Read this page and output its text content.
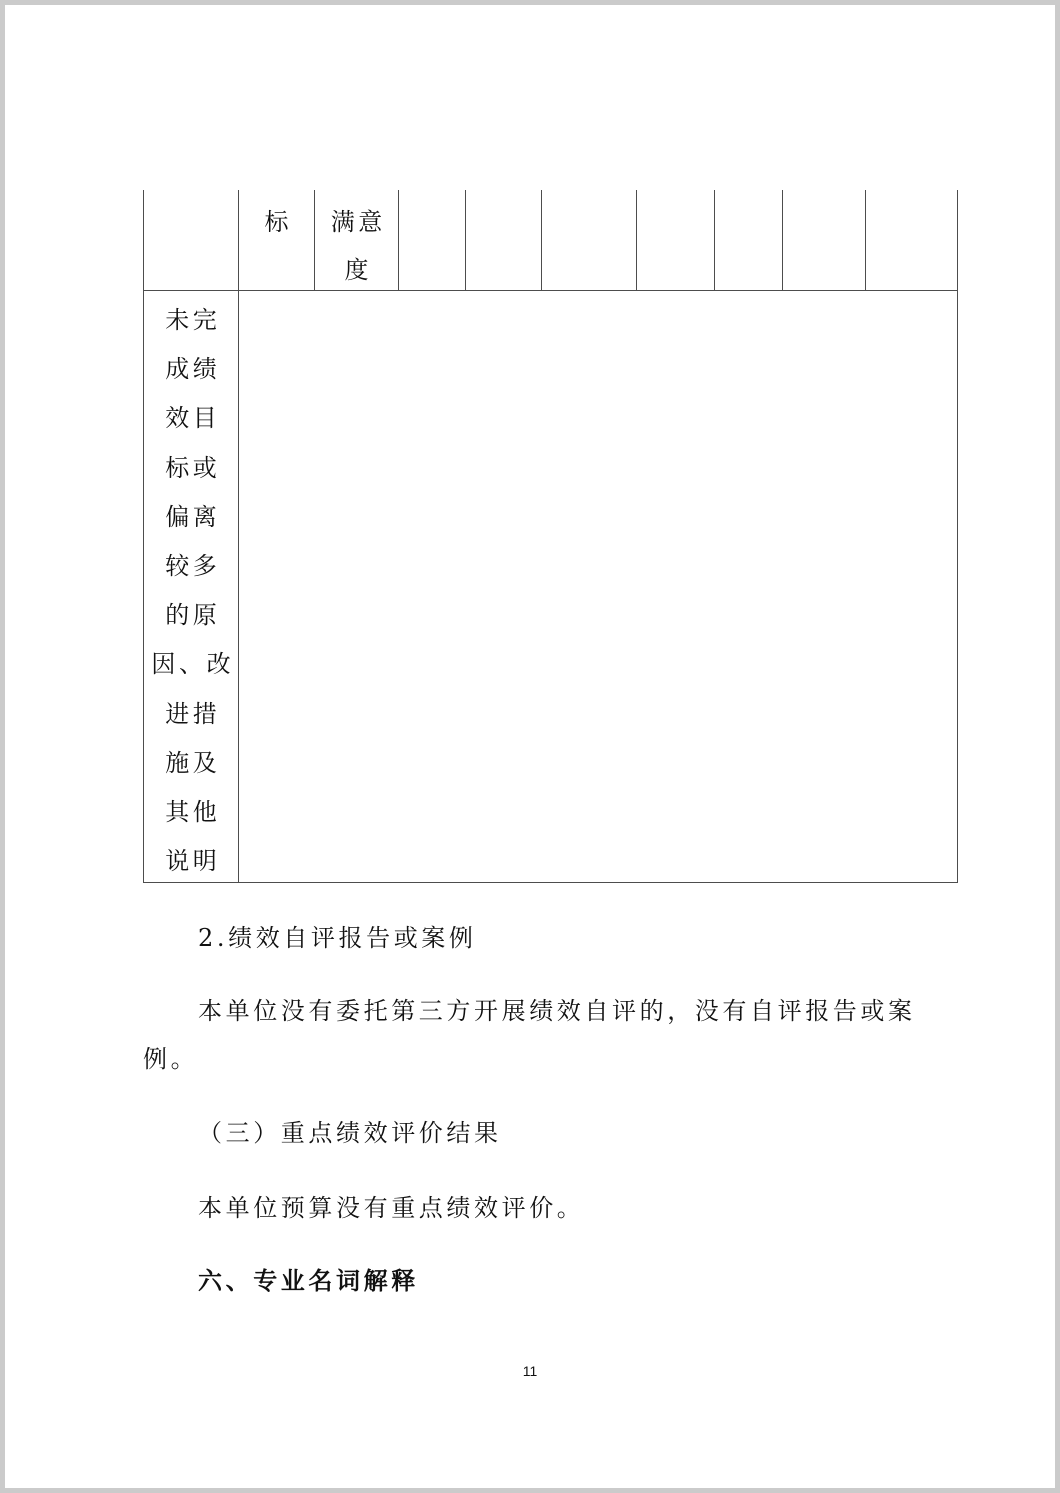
标	满意
度
未完
成绩
效目
标或
偏离
较多
的原
因、改
进措
施及
其他
说明
2.绩效自评报告或案例
本单位没有委托第三方开展绩效自评的，没有自评报告或案
例。
（三）重点绩效评价结果
本单位预算没有重点绩效评价。
六、专业名词解释
11
